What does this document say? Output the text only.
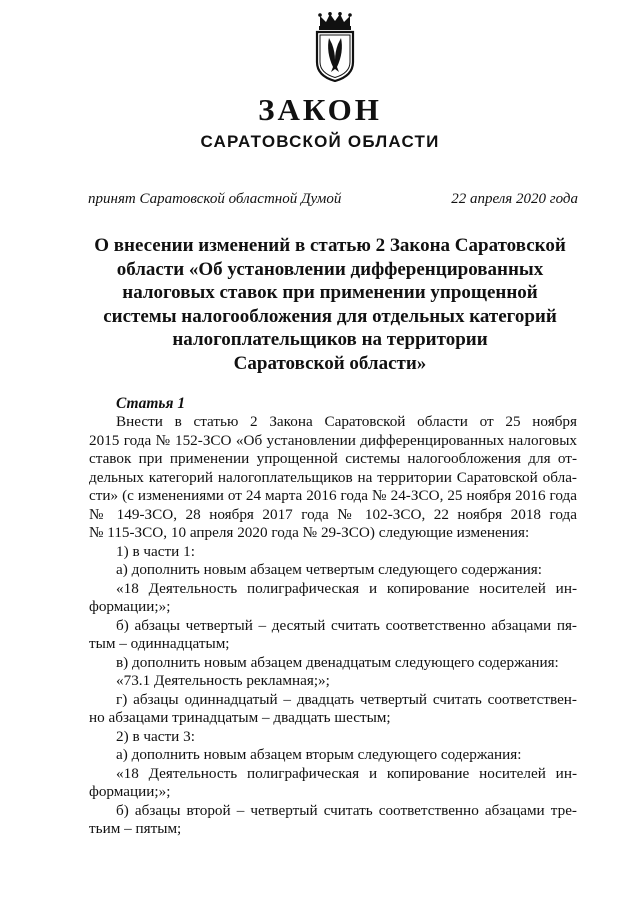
ЗАКОН
САРАТОВСКОЙ ОБЛАСТИ
принят Саратовской областной Думой	22 апреля 2020 года
О внесении изменений в статью 2 Закона Саратовской
области «Об установлении дифференцированных
налоговых ставок при применении упрощенной
системы налогообложения для отдельных категорий
налогоплательщиков на территории
Саратовской области»
Статья 1
Внести в статью 2 Закона Саратовской области от 25 ноября
2015 года № 152-ЗСО «Об установлении дифференцированных налоговых
ставок при применении упрощенной системы налогообложения для от-
дельных категорий налогоплательщиков на территории Саратовской обла-
сти» (с изменениями от 24 марта 2016 года № 24-ЗСО, 25 ноября 2016 года
№ 149-ЗСО, 28 ноября 2017 года № 102-ЗСО, 22 ноября 2018 года
№ 115-ЗСО, 10 апреля 2020 года № 29-ЗСО) следующие изменения:
1) в части 1:
а) дополнить новым абзацем четвертым следующего содержания:
«18 Деятельность полиграфическая и копирование носителей ин-
формации;»;
б) абзацы четвертый – десятый считать соответственно абзацами пя-
тым – одиннадцатым;
в) дополнить новым абзацем двенадцатым следующего содержания:
«73.1 Деятельность рекламная;»;
г) абзацы одиннадцатый – двадцать четвертый считать соответствен-
но абзацами тринадцатым – двадцать шестым;
2) в части 3:
а) дополнить новым абзацем вторым следующего содержания:
«18 Деятельность полиграфическая и копирование носителей ин-
формации;»;
б) абзацы второй – четвертый считать соответственно абзацами тре-
тьим – пятым;
